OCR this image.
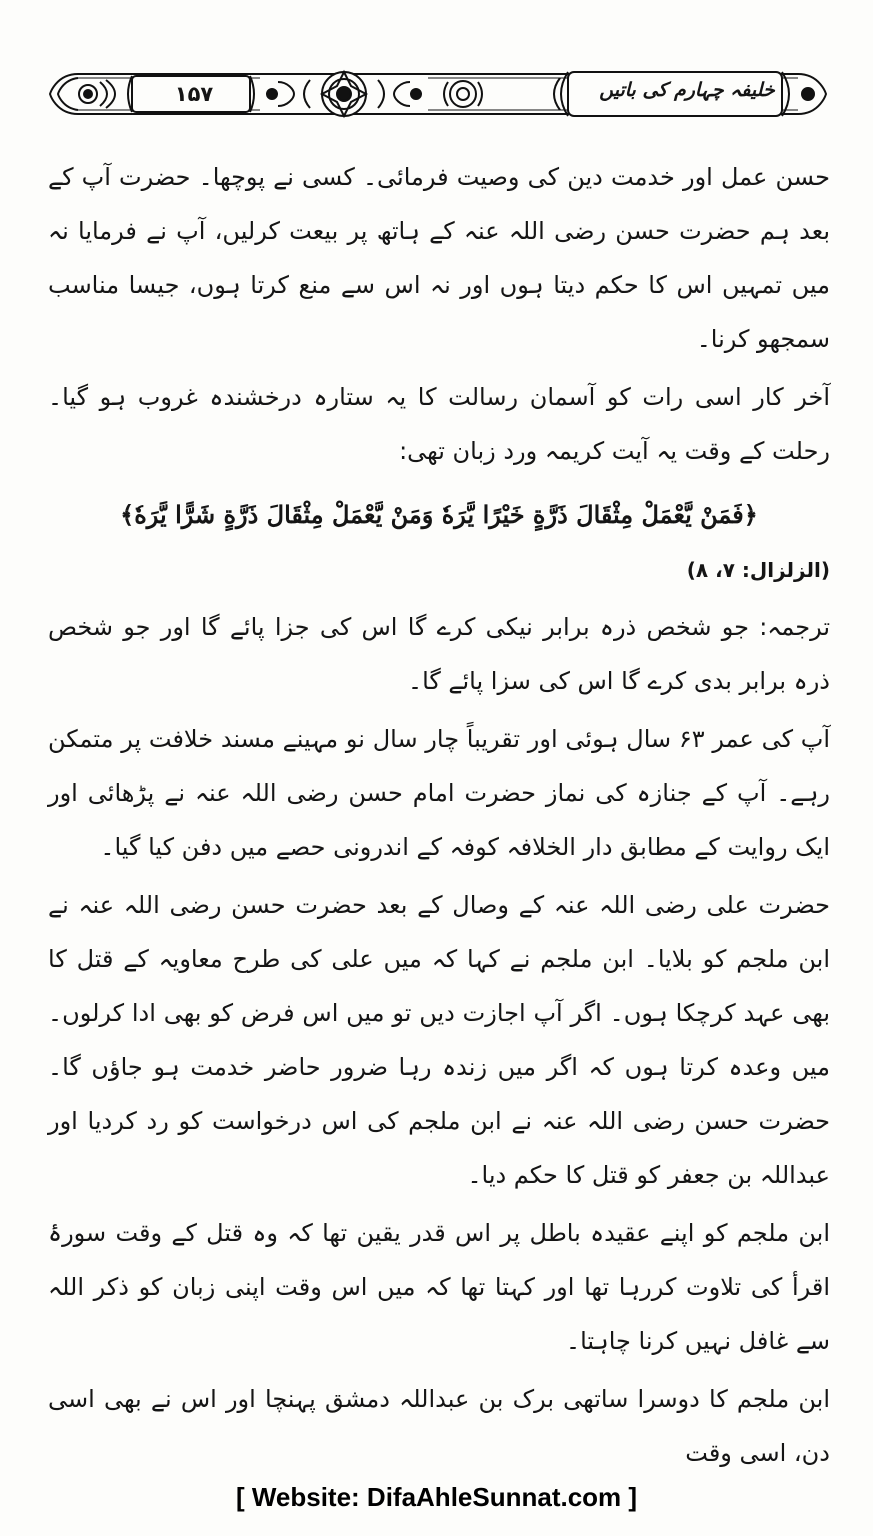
۱۵۷	خلیفہ چہارم کی باتیں

حسن عمل اور خدمت دین کی وصیت فرمائی۔ کسی نے پوچھا۔ حضرت آپ کے بعد ہم حضرت حسن رضی اللہ عنہ کے ہاتھ پر بیعت کرلیں، آپ نے فرمایا نہ میں تمہیں اس کا حکم دیتا ہوں اور نہ اس سے منع کرتا ہوں، جیسا مناسب سمجھو کرنا۔

آخر کار اسی رات کو آسمان رسالت کا یہ ستارہ درخشندہ غروب ہو گیا۔ رحلت کے وقت یہ آیت کریمہ ورد زبان تھی:

﴿فَمَنْ يَّعْمَلْ مِثْقَالَ ذَرَّةٍ خَيْرًا يَّرَهٗ وَمَنْ يَّعْمَلْ مِثْقَالَ ذَرَّةٍ شَرًّا يَّرَهٗ﴾

(الزلزال: ۷، ۸)

ترجمہ: جو شخص ذرہ برابر نیکی کرے گا اس کی جزا پائے گا اور جو شخص ذرہ برابر بدی کرے گا اس کی سزا پائے گا۔

آپ کی عمر ۶۳ سال ہوئی اور تقریباً چار سال نو مہینے مسند خلافت پر متمکن رہے۔ آپ کے جنازہ کی نماز حضرت امام حسن رضی اللہ عنہ نے پڑھائی اور ایک روایت کے مطابق دار الخلافہ کوفہ کے اندرونی حصے میں دفن کیا گیا۔

حضرت علی رضی اللہ عنہ کے وصال کے بعد حضرت حسن رضی اللہ عنہ نے ابن ملجم کو بلایا۔ ابن ملجم نے کہا کہ میں علی کی طرح معاویہ کے قتل کا بھی عہد کرچکا ہوں۔ اگر آپ اجازت دیں تو میں اس فرض کو بھی ادا کرلوں۔ میں وعدہ کرتا ہوں کہ اگر میں زندہ رہا ضرور حاضر خدمت ہو جاؤں گا۔ حضرت حسن رضی اللہ عنہ نے ابن ملجم کی اس درخواست کو رد کردیا اور عبداللہ بن جعفر کو قتل کا حکم دیا۔

ابن ملجم کو اپنے عقیدہ باطل پر اس قدر یقین تھا کہ وہ قتل کے وقت سورۂ اقرأ کی تلاوت کررہا تھا اور کہتا تھا کہ میں اس وقت اپنی زبان کو ذکر اللہ سے غافل نہیں کرنا چاہتا۔

ابن ملجم کا دوسرا ساتھی برک بن عبداللہ دمشق پہنچا اور اس نے بھی اسی دن، اسی وقت

[ Website: DifaAhleSunnat.com ]
